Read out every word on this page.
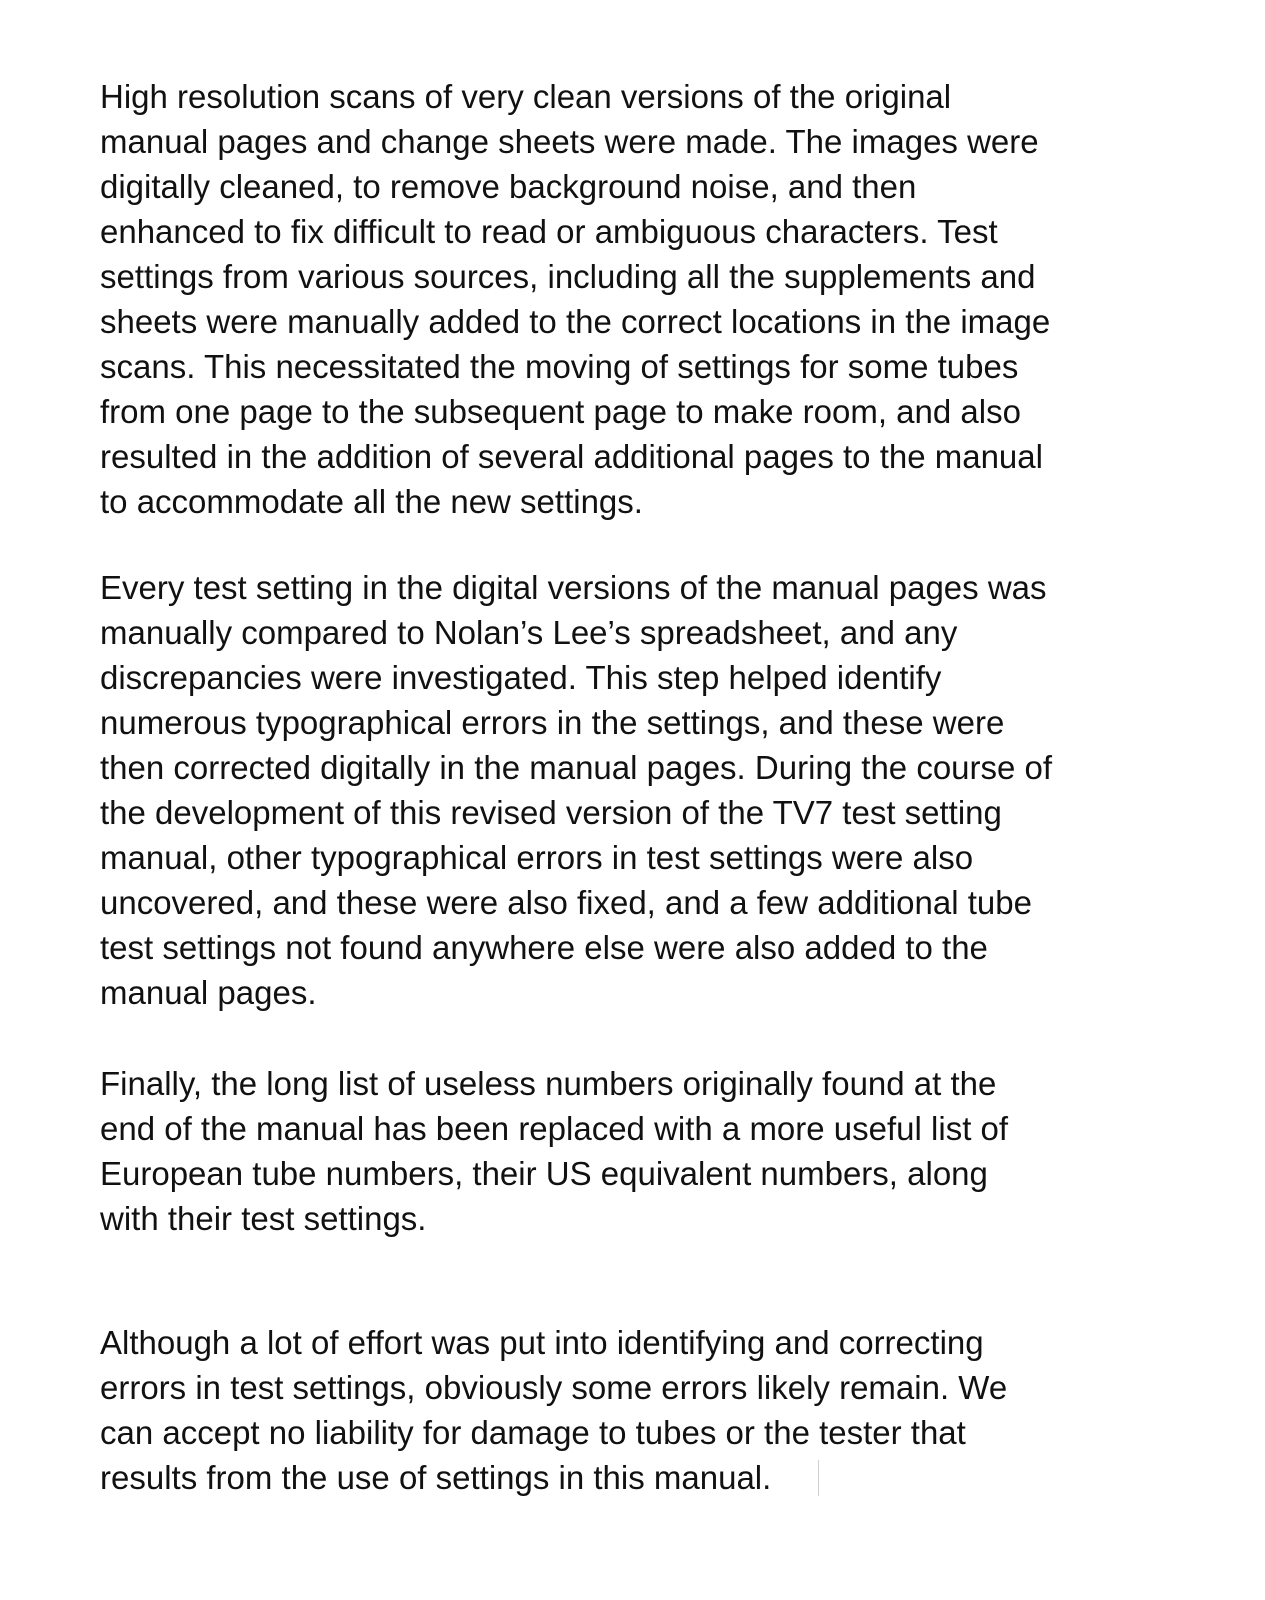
High resolution scans of very clean versions of the original
manual pages and change sheets were made. The images were
digitally cleaned, to remove background noise, and then
enhanced to fix difficult to read or ambiguous characters. Test
settings from various sources, including all the supplements and
sheets were manually added to the correct locations in the image
scans. This necessitated the moving of settings for some tubes
from one page to the subsequent page to make room, and also
resulted in the addition of several additional pages to the manual
to accommodate all the new settings.

Every test setting in the digital versions of the manual pages was
manually compared to Nolan’s Lee’s spreadsheet, and any
discrepancies were investigated. This step helped identify
numerous typographical errors in the settings, and these were
then corrected digitally in the manual pages. During the course of
the development of this revised version of the TV7 test setting
manual, other typographical errors in test settings were also
uncovered, and these were also fixed, and a few additional tube
test settings not found anywhere else were also added to the
manual pages.

Finally, the long list of useless numbers originally found at the
end of the manual has been replaced with a more useful list of
European tube numbers, their US equivalent numbers, along
with their test settings.

Although a lot of effort was put into identifying and correcting
errors in test settings, obviously some errors likely remain. We
can accept no liability for damage to tubes or the tester that
results from the use of settings in this manual.
